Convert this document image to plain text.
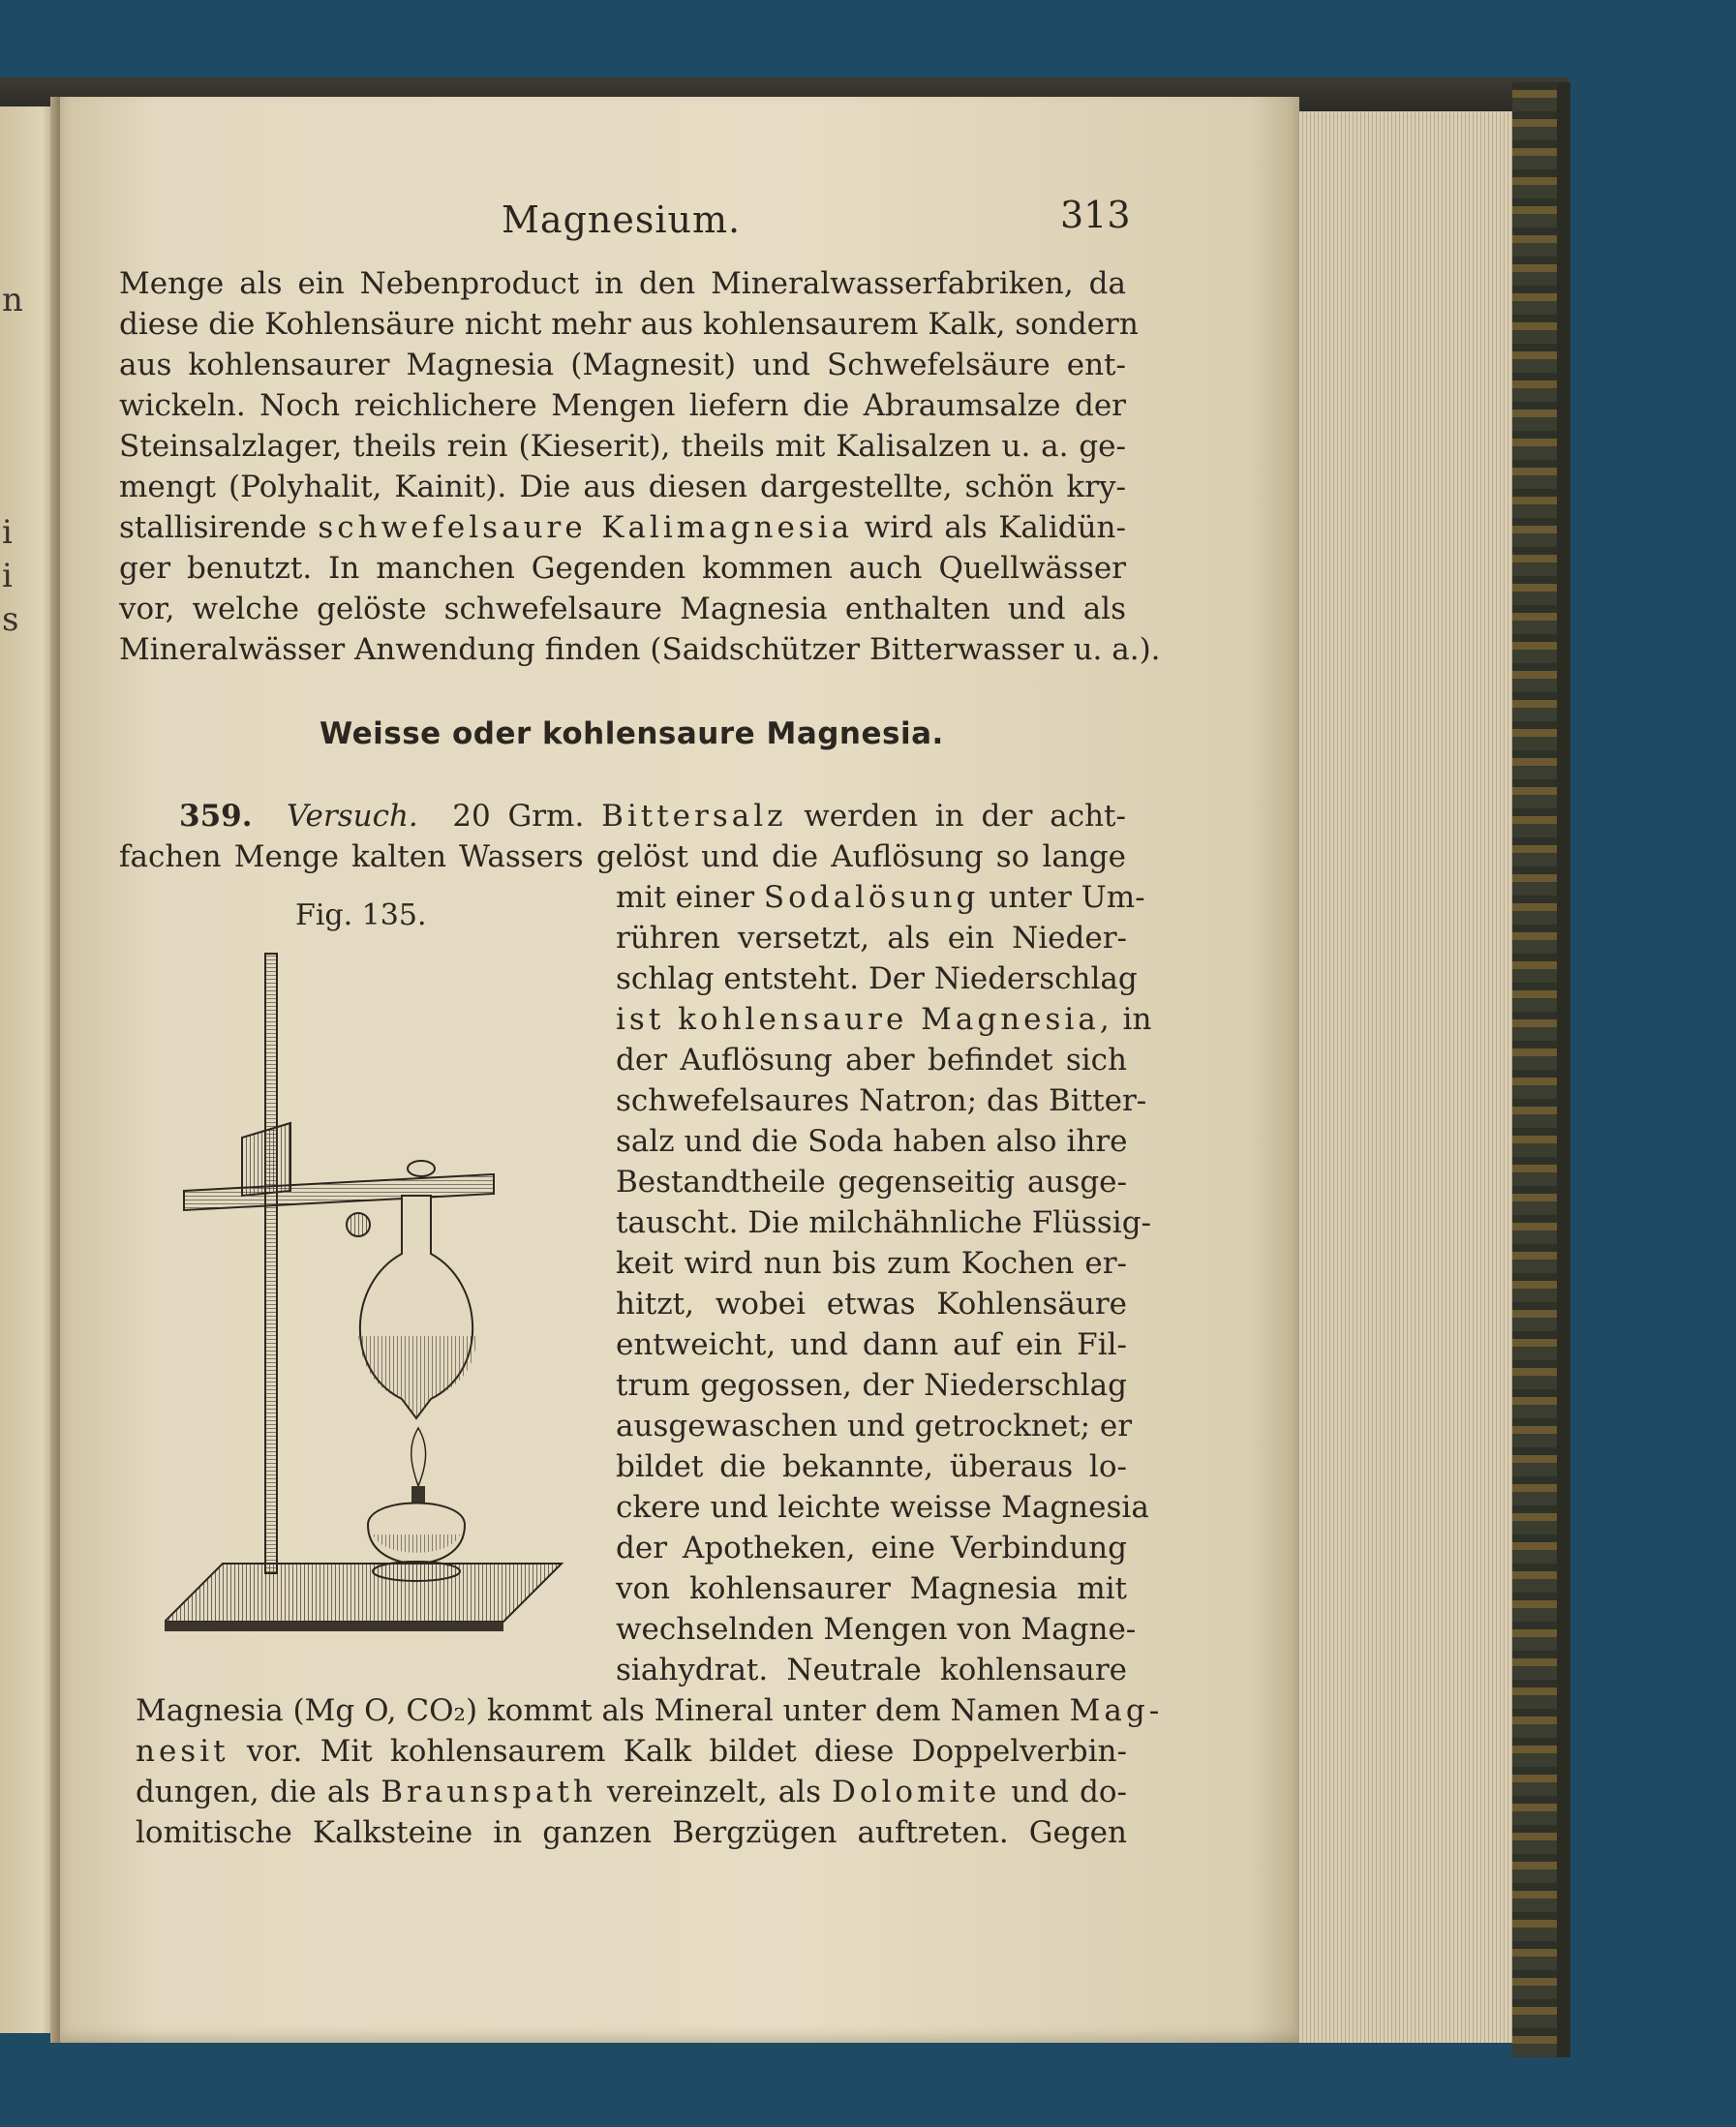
n
i
i
s
Magnesium.	313
Menge als ein Nebenproduct in den Mineralwasserfabriken, da
diese die Kohlensäure nicht mehr aus kohlensaurem Kalk, sondern
aus kohlensaurer Magnesia (Magnesit) und Schwefelsäure ent-
wickeln. Noch reichlichere Mengen liefern die Abraumsalze der
Steinsalzlager, theils rein (Kieserit), theils mit Kalisalzen u. a. ge-
mengt (Polyhalit, Kainit). Die aus diesen dargestellte, schön kry-
stallisirende schwefelsaure Kalimagnesia wird als Kalidün-
ger benutzt. In manchen Gegenden kommen auch Quellwässer
vor, welche gelöste schwefelsaure Magnesia enthalten und als
Mineralwässer Anwendung finden (Saidschützer Bitterwasser u. a.).
Weisse oder kohlensaure Magnesia.
359. Versuch. 20 Grm. Bittersalz werden in der acht-
fachen Menge kalten Wassers gelöst und die Auflösung so lange
Fig. 135.
mit einer Sodalösung unter Um-
rühren versetzt, als ein Nieder-
schlag entsteht. Der Niederschlag
ist kohlensaure Magnesia, in
der Auflösung aber befindet sich
schwefelsaures Natron; das Bitter-
salz und die Soda haben also ihre
Bestandtheile gegenseitig ausge-
tauscht. Die milchähnliche Flüssig-
keit wird nun bis zum Kochen er-
hitzt, wobei etwas Kohlensäure
entweicht, und dann auf ein Fil-
trum gegossen, der Niederschlag
ausgewaschen und getrocknet; er
bildet die bekannte, überaus lo-
ckere und leichte weisse Magnesia
der Apotheken, eine Verbindung
von kohlensaurer Magnesia mit
wechselnden Mengen von Magne-
siahydrat. Neutrale kohlensaure
Magnesia (Mg O, CO₂) kommt als Mineral unter dem Namen Mag-
nesit vor. Mit kohlensaurem Kalk bildet diese Doppelverbin-
dungen, die als Braunspath vereinzelt, als Dolomite und do-
lomitische Kalksteine in ganzen Bergzügen auftreten. Gegen
